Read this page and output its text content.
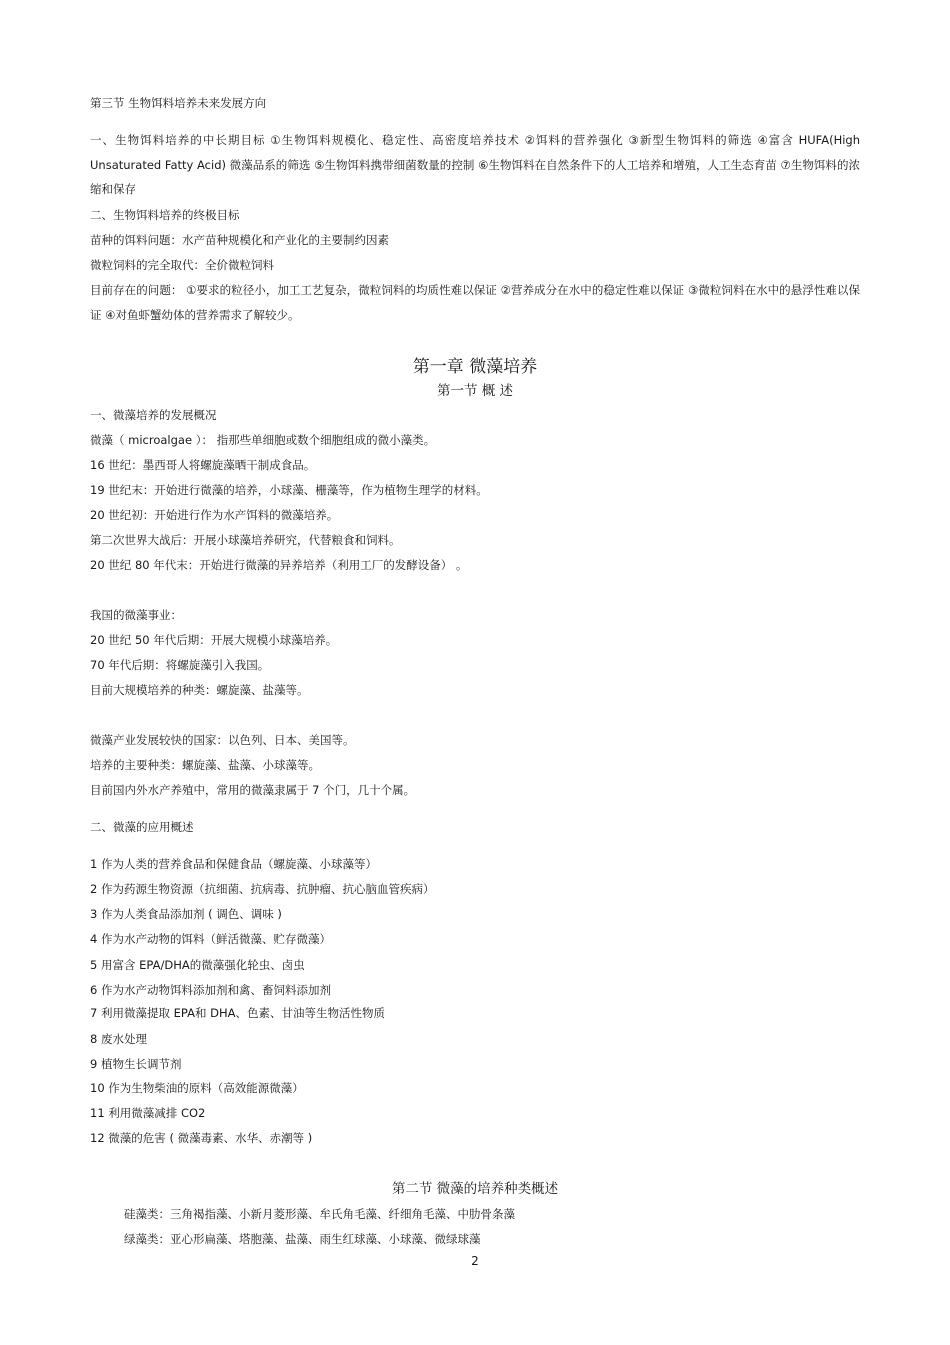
第三节 生物饵料培养未来发展方向
一、生物饵料培养的中长期目标 ①生物饵料规模化、稳定性、高密度培养技术 ②饵料的营养强化 ③新型生物饵料的筛选 ④富含 HUFA(High Unsaturated Fatty Acid) 微藻品系的筛选 ⑤生物饵料携带细菌数量的控制 ⑥生物饵料在自然条件下的人工培养和增殖，人工生态育苗 ⑦生物饵料的浓缩和保存
二、生物饵料培养的终极目标
苗种的饵料问题：水产苗种规模化和产业化的主要制约因素
微粒饲料的完全取代：全价微粒饲料
目前存在的问题： ①要求的粒径小，加工工艺复杂，微粒饲料的均质性难以保证 ②营养成分在水中的稳定性难以保证 ③微粒饲料在水中的悬浮性难以保证 ④对鱼虾蟹幼体的营养需求了解较少。
第一章 微藻培养
第一节 概 述
一、微藻培养的发展概况
微藻（ microalgae ）： 指那些单细胞或数个细胞组成的微小藻类。
16 世纪：墨西哥人将螺旋藻晒干制成食品。
19 世纪末：开始进行微藻的培养，小球藻、栅藻等，作为植物生理学的材料。
20 世纪初：开始进行作为水产饵料的微藻培养。
第二次世界大战后：开展小球藻培养研究，代替粮食和饲料。
20 世纪 80 年代末：开始进行微藻的异养培养（利用工厂的发酵设备） 。
我国的微藻事业：
20 世纪 50 年代后期：开展大规模小球藻培养。
70 年代后期：将螺旋藻引入我国。
目前大规模培养的种类：螺旋藻、盐藻等。
微藻产业发展较快的国家：以色列、日本、美国等。
培养的主要种类：螺旋藻、盐藻、小球藻等。
目前国内外水产养殖中，常用的微藻隶属于 7 个门，几十个属。
二、微藻的应用概述
1 作为人类的营养食品和保健食品（螺旋藻、小球藻等）
2 作为药源生物资源（抗细菌、抗病毒、抗肿瘤、抗心脑血管疾病）
3 作为人类食品添加剂 ( 调色、调味 )
4 作为水产动物的饵料（鲜活微藻、贮存微藻）
5 用富含 EPA/DHA的微藻强化轮虫、卤虫
6 作为水产动物饵料添加剂和禽、畜饲料添加剂
7 利用微藻提取 EPA和 DHA、色素、甘油等生物活性物质
8 废水处理
9 植物生长调节剂
10 作为生物柴油的原料（高效能源微藻）
11 利用微藻减排 CO2
12 微藻的危害 ( 微藻毒素、水华、赤潮等 )
第二节 微藻的培养种类概述
硅藻类：三角褐指藻、小新月菱形藻、牟氏角毛藻、纤细角毛藻、中肋骨条藻
绿藻类：亚心形扁藻、塔胞藻、盐藻、雨生红球藻、小球藻、微绿球藻
2
